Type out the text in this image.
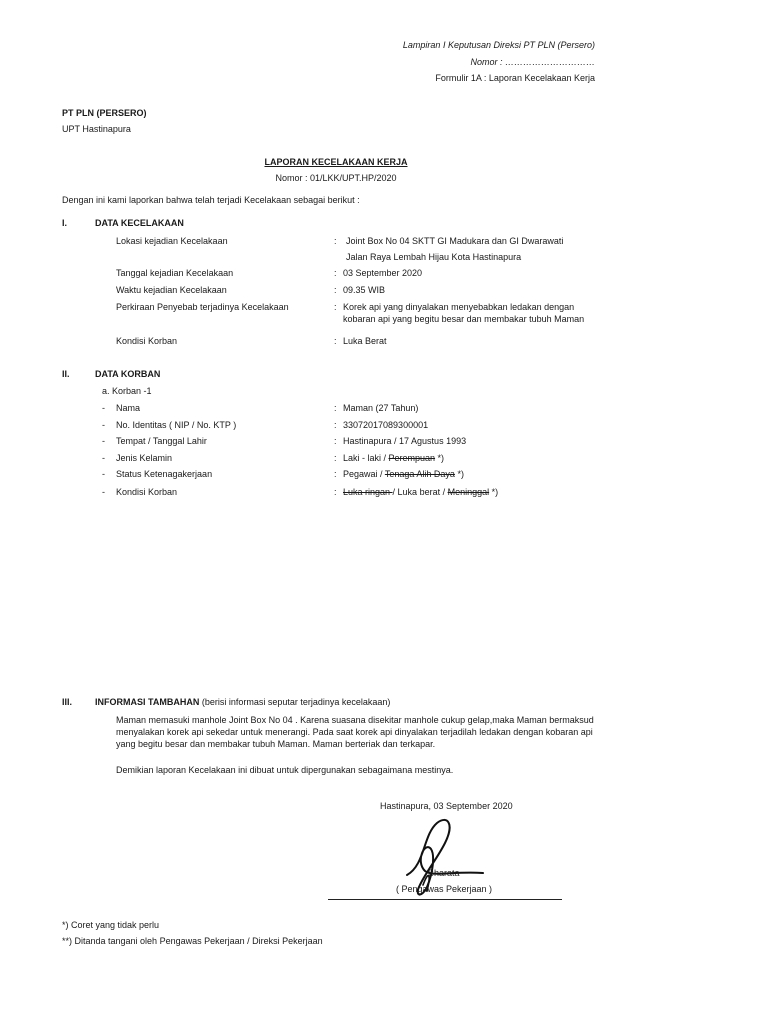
Lampiran I Keputusan Direksi PT PLN (Persero)
Nomor : …………………………
Formulir 1A : Laporan Kecelakaan Kerja
PT PLN (PERSERO)
UPT Hastinapura
LAPORAN KECELAKAAN KERJA
Nomor : 01/LKK/UPT.HP/2020
Dengan ini kami laporkan bahwa telah terjadi Kecelakaan sebagai berikut :
I.	DATA KECELAKAAN
Lokasi kejadian Kecelakaan	: Joint Box No 04 SKTT GI Madukara dan GI Dwarawati
Jalan Raya Lembah Hijau Kota Hastinapura
Tanggal kejadian Kecelakaan	: 03 September 2020
Waktu kejadian Kecelakaan	: 09.35 WIB
Perkiraan Penyebab terjadinya Kecelakaan	: Korek api yang dinyalakan menyebabkan ledakan dengan
kobaran api yang begitu besar dan membakar tubuh Maman
Kondisi Korban	: Luka Berat
II.	DATA KORBAN
a. Korban -1
- Nama	: Maman (27 Tahun)
- No. Identitas ( NIP / No. KTP )	: 33072017089300001
- Tempat / Tanggal Lahir	: Hastinapura / 17 Agustus 1993
- Jenis Kelamin	: Laki - laki / Perempuan *)
- Status Ketenagakerjaan	: Pegawai / Tenaga Alih Daya *)
- Kondisi Korban	: Luka ringan / Luka berat / Meninggal *)
III.	INFORMASI TAMBAHAN (berisi informasi seputar terjadinya kecelakaan)
Maman memasuki manhole Joint Box No 04 . Karena suasana disekitar manhole cukup gelap,maka Maman bermaksud menyalakan korek api sekedar untuk menerangi. Pada saat korek api dinyalakan terjadilah ledakan dengan kobaran api yang begitu besar dan membakar tubuh Maman. Maman berteriak dan terkapar.
Demikian laporan Kecelakaan ini dibuat untuk dipergunakan sebagaimana mestinya.
Hastinapura, 03 September 2020
Bharata
( Pengawas Pekerjaan )
*) Coret yang tidak perlu
**) Ditanda tangani oleh Pengawas Pekerjaan / Direksi Pekerjaan
